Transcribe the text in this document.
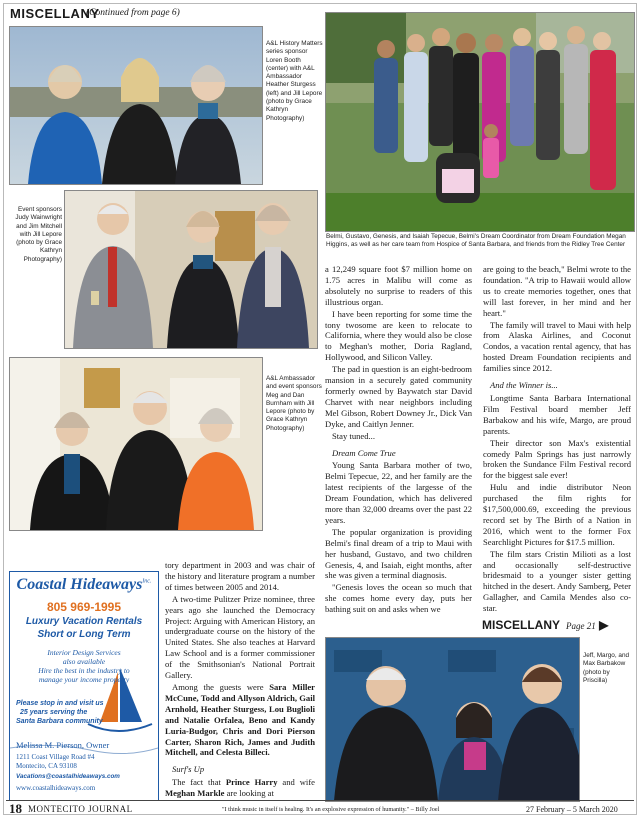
MISCELLANY
(Continued from page 6)
A&L History Matters series sponsor Loren Booth (center) with A&L Ambassador Heather Sturgess (left) and Jill Lepore (photo by Grace Kathryn Photography)
Event sponsors Judy Wainwright and Jim Mitchell with Jill Lepore (photo by Grace Kathryn Photography)
A&L Ambassador and event sponsors Meg and Dan Burnham with Jill Lepore (photo by Grace Kathryn Photography)
Belmi, Gustavo, Genesis, and Isaiah Tepecue, Belmi's Dream Coordinator from Dream Foundation Megan Higgins, as well as her care team from Hospice of Santa Barbara, and friends from the Ridley Tree Center

tory department in 2003 and was chair of the history and literature program a number of times between 2005 and 2014.

A two-time Pulitzer Prize nominee, three years ago she launched the Democracy Project: Arguing with American History, an undergraduate course on the history of the United States. She also teaches at Harvard Law School and is a former commissioner of the Smithsonian's National Portrait Gallery.

Among the guests were Sara Miller McCune, Todd and Allyson Aldrich, Gail Arnhold, Heather Sturgess, Lou Buglioli and Natalie Orfalea, Beno and Kandy Luria-Budgor, Chris and Dori Pierson Carter, Sharon Rich, James and Judith Mitchell, and Celesta Billeci.

Surf's Up

The fact that Prince Harry and wife Meghan Markle are looking at

a 12,249 square foot $7 million home on 1.75 acres in Malibu will come as absolutely no surprise to readers of this illustrious organ.

I have been reporting for some time the tony twosome are keen to relocate to California, where they would also be close to Meghan's mother, Doria Ragland, Hollywood, and Silicon Valley.

The pad in question is an eight-bedroom mansion in a securely gated community formerly owned by Baywatch star David Charvet with near neighbors including Mel Gibson, Robert Downey Jr., Dick Van Dyke, and Caitlyn Jenner.

Stay tuned...

Dream Come True

Young Santa Barbara mother of two, Belmi Tepecue, 22, and her family are the latest recipients of the largesse of the Dream Foundation, which has delivered more than 32,000 dreams over the past 22 years.

The popular organization is providing Belmi's final dream of a trip to Maui with her husband, Gustavo, and two children Genesis, 4, and Isaiah, eight months, after she was given a terminal diagnosis.

"Genesis loves the ocean so much that she comes home every day, puts her bathing suit on and asks when we

are going to the beach," Belmi wrote to the foundation. "A trip to Hawaii would allow us to create memories together, ones that will last forever, in her mind and her heart."

The family will travel to Maui with help from Alaska Airlines, and Coconut Condos, a vacation rental agency, that has hosted Dream Foundation recipients and families since 2012.

And the Winner is...

Longtime Santa Barbara International Film Festival board member Jeff Barbakow and his wife, Margo, are proud parents.

Their director son Max's existential comedy Palm Springs has just narrowly broken the Sundance Film Festival record for the biggest sale ever!

Hulu and indie distributor Neon purchased the film rights for $17,500,000.69, exceeding the previous record set by The Birth of a Nation in 2016, which went to the former Fox Searchlight Pictures for $17.5 million.

The film stars Cristin Milioti as a lost and occasionally self-destructive bridesmaid to a younger sister getting hitched in the desert. Andy Samberg, Peter Gallagher, and Camila Mendes also co-star.

MISCELLANY Page 21 ▶
Jeff, Margo, and Max Barbakow (photo by Priscilla)
Coastal Hideaways$^{Inc.}$
805 969-1995
Luxury Vacation Rentals
Short or Long Term
Interior Design Services
also available
Hire the best in the industry to
manage your income property
Please stop in and visit us
25 years serving the
Santa Barbara community
Melissa M. Pierson, Owner
1211 Coast Village Road #4
Montecito, CA 93108
Vacations@coastalhideaways.com
www.coastalhideaways.com
18 MONTECITO JOURNAL	"I think music in itself is healing. It's an explosive expression of humanity." – Billy Joel	27 February – 5 March 2020
